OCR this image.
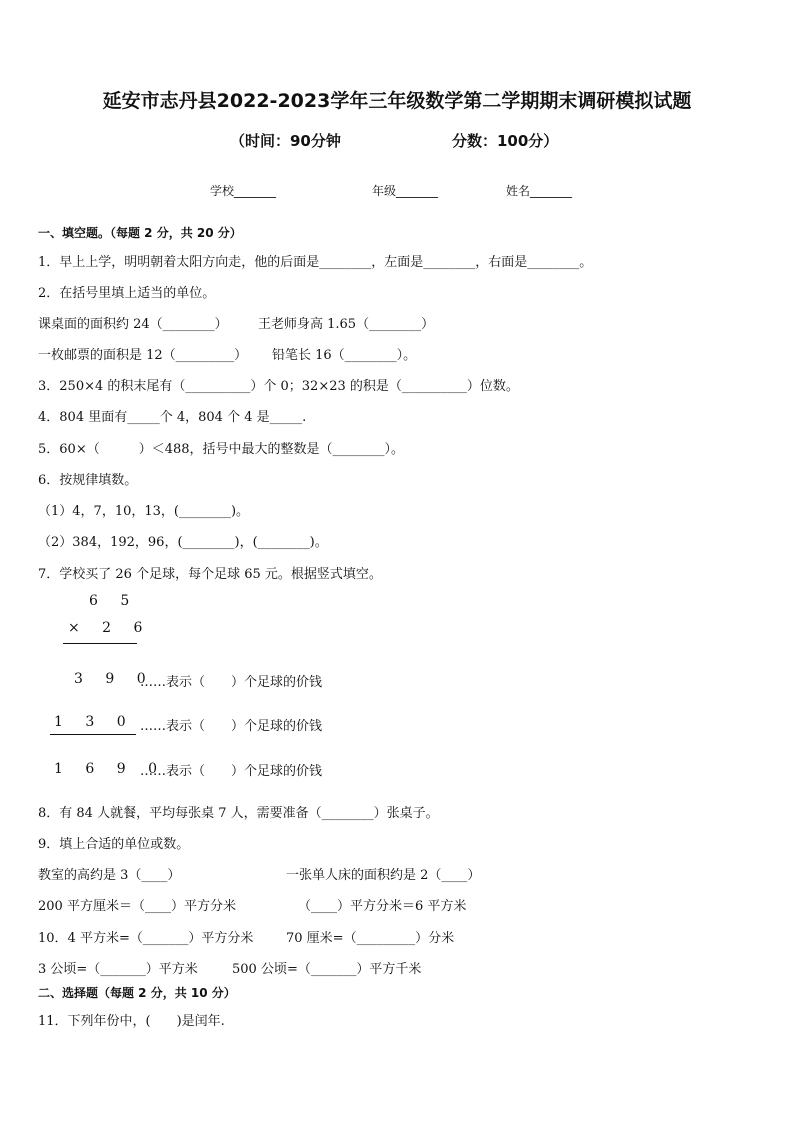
延安市志丹县2022-2023学年三年级数学第二学期期末调研模拟试题
（时间：90分钟	分数：100分）
学校_______	年级_______	姓名_______
一、填空题。（每题 2 分，共 20 分）
1．早上上学，明明朝着太阳方向走，他的后面是________，左面是________，右面是________。
2．在括号里填上适当的单位。
课桌面的面积约 24（________） 王老师身高 1.65（________）
一枚邮票的面积是 12（_________） 铅笔长 16（________）。
3．250×4 的积末尾有（__________）个 0；32×23 的积是（__________）位数。
4．804 里面有_____个 4，804 个 4 是_____.
5．60×（　　　）＜488，括号中最大的整数是（________）。
6．按规律填数。
（1）4，7，10，13，(________)。
（2）384，192，96，(________)，(________)。
7．学校买了 26 个足球，每个足球 65 元。根据竖式填空。
6 5
× 2 6
3 9 0
……表示（　　）个足球的价钱
1 3 0 ……表示（　　）个足球的价钱
1 6 9 0
……表示（　　）个足球的价钱
8．有 84 人就餐，平均每张桌 7 人，需要准备（________）张桌子。
9．填上合适的单位或数。
教室的高约是 3（____）	一张单人床的面积约是 2（____）
200 平方厘米＝（____）平方分米	（____）平方分米＝6 平方米
10．4 平方米=（_______）平方分米	70 厘米=（_________）分米
3 公顷=（_______）平方米	500 公顷=（_______）平方千米
二、选择题（每题 2 分，共 10 分）
11．下列年份中，(　　)是闰年.
